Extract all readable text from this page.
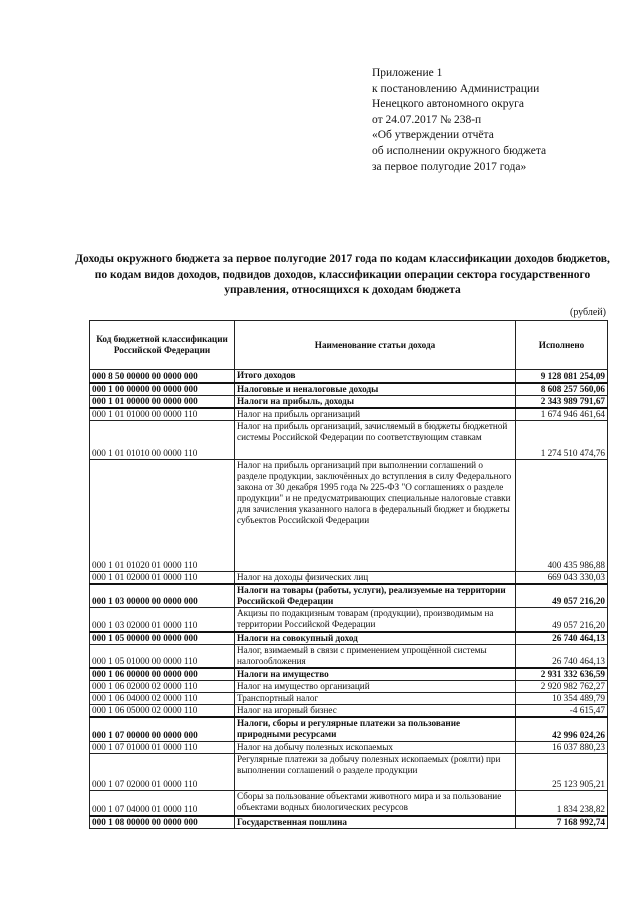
Приложение 1
к постановлению Администрации
Ненецкого автономного округа
от 24.07.2017 № 238-п
«Об утверждении отчёта
об исполнении окружного бюджета
за первое полугодие 2017 года»
Доходы окружного бюджета за первое полугодие 2017 года по кодам классификации доходов бюджетов, по кодам видов доходов, подвидов доходов, классификации операции сектора государственного управления, относящихся к доходам бюджета
(рублей)
Код бюджетной классификации Российской Федерации	Наименование статьи дохода	Исполнено
000 8 50 00000 00 0000 000	Итого доходов	9 128 081 254,09
000 1 00 00000 00 0000 000	Налоговые и неналоговые доходы	8 608 257 560,06
000 1 01 00000 00 0000 000	Налоги на прибыль, доходы	2 343 989 791,67
000 1 01 01000 00 0000 110	Налог на прибыль организаций	1 674 946 461,64
000 1 01 01010 00 0000 110	Налог на прибыль организаций, зачисляемый в бюджеты бюджетной системы Российской Федерации по соответствующим ставкам	1 274 510 474,76
000 1 01 01020 01 0000 110	Налог на прибыль организаций при выполнении соглашений о разделе продукции, заключённых до вступления в силу Федерального закона от 30 декабря 1995 года № 225-ФЗ "О соглашениях о разделе продукции" и не предусматривающих специальные налоговые ставки для зачисления указанного налога в федеральный бюджет и бюджеты субъектов Российской Федерации	400 435 986,88
000 1 01 02000 01 0000 110	Налог на доходы физических лиц	669 043 330,03
000 1 03 00000 00 0000 000	Налоги на товары (работы, услуги), реализуемые на территории Российской Федерации	49 057 216,20
000 1 03 02000 01 0000 110	Акцизы по подакцизным товарам (продукции), производимым на территории Российской Федерации	49 057 216,20
000 1 05 00000 00 0000 000	Налоги на совокупный доход	26 740 464,13
000 1 05 01000 00 0000 110	Налог, взимаемый в связи с применением упрощённой системы налогообложения	26 740 464,13
000 1 06 00000 00 0000 000	Налоги на имущество	2 931 332 636,59
000 1 06 02000 02 0000 110	Налог на имущество организаций	2 920 982 762,27
000 1 06 04000 02 0000 110	Транспортный налог	10 354 489,79
000 1 06 05000 02 0000 110	Налог на игорный бизнес	-4 615,47
000 1 07 00000 00 0000 000	Налоги, сборы и регулярные платежи за пользование природными ресурсами	42 996 024,26
000 1 07 01000 01 0000 110	Налог на добычу полезных ископаемых	16 037 880,23
000 1 07 02000 01 0000 110	Регулярные платежи за добычу полезных ископаемых (роялти) при выполнении соглашений о разделе продукции	25 123 905,21
000 1 07 04000 01 0000 110	Сборы за пользование объектами животного мира и за пользование объектами водных биологических ресурсов	1 834 238,82
000 1 08 00000 00 0000 000	Государственная пошлина	7 168 992,74
